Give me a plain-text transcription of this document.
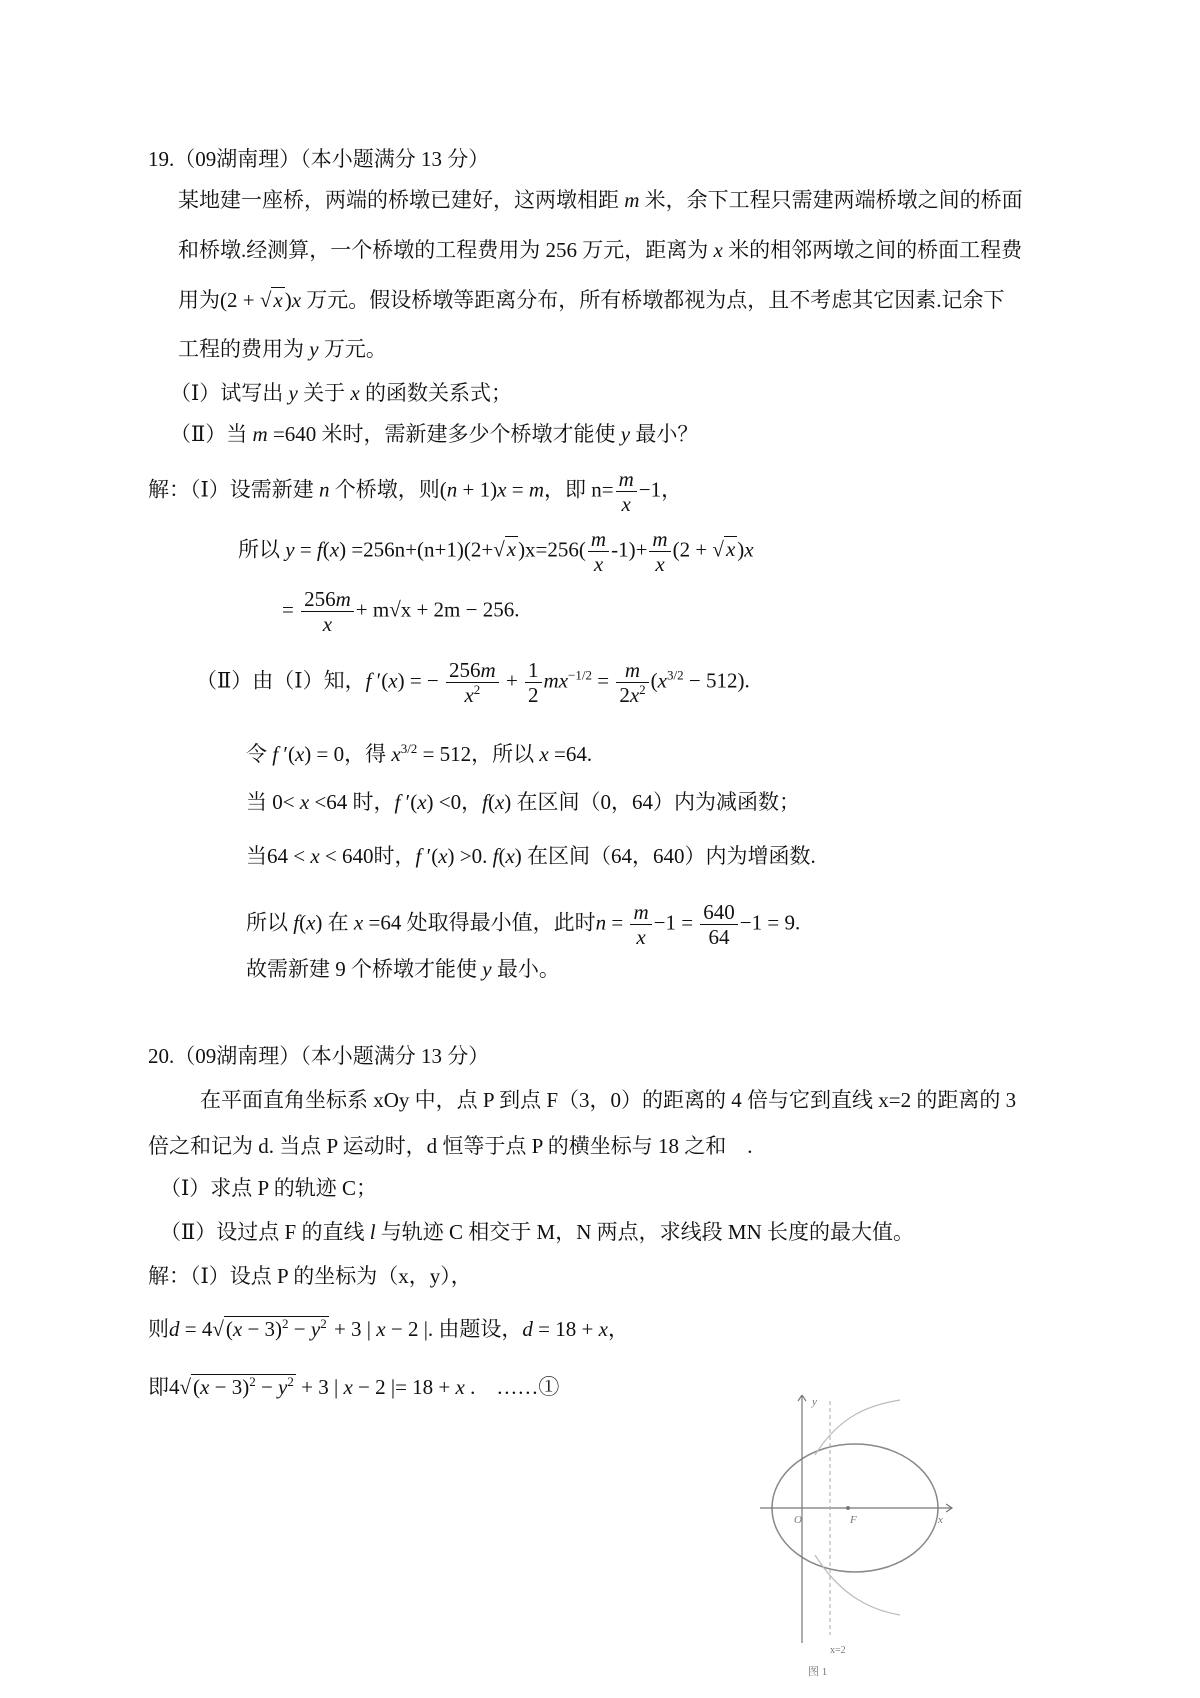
19.（09湖南理）（本小题满分 13 分）
某地建一座桥，两端的桥墩已建好，这两墩相距 m 米，余下工程只需建两端桥墩之间的桥面
和桥墩.经测算，一个桥墩的工程费用为 256 万元，距离为 x 米的相邻两墩之间的桥面工程费
用为(2 + √x)x 万元。假设桥墩等距离分布，所有桥墩都视为点，且不考虑其它因素.记余下
工程的费用为 y 万元。
（Ⅰ）试写出 y 关于 x 的函数关系式；
（Ⅱ）当 m =640 米时，需新建多少个桥墩才能使 y 最小？
解：（Ⅰ）设需新建 n 个桥墩，则(n + 1)x = m，即 $n= \frac{m}{x} -1$，
所以 $y = f(x) =256n+(n+1)(2+√x)x=256( \frac{m}{x} -1)+ \frac{m}{x} (2 + √x)x$
= $\frac{256m}{x} + m√x + 2m - 256$.
（Ⅱ）由（Ⅰ）知，f ′(x) = − $\frac{256m}{x^2} + \frac{1}{2} mx^{-1/2} = \frac{m}{2x^2} (x^{3/2} - 512)$.
令 f ′(x) = 0，得 $x^{3/2} = 512$，所以 x =64.
当 0< x <64 时，f ′(x) <0，f(x) 在区间（0，64）内为减函数；
当64 < x < 640时，f ′(x) >0. f(x) 在区间（64，640）内为增函数.
所以 f(x) 在 x =64 处取得最小值，此时$n = \frac{m}{x} -1 = \frac{640}{64} -1 = 9$.
故需新建 9 个桥墩才能使 y 最小。
20.（09湖南理）（本小题满分 13 分）
在平面直角坐标系 xOy 中，点 P 到点 F（3，0）的距离的 4 倍与它到直线 x=2 的距离的 3
倍之和记为 d. 当点 P 运动时，d 恒等于点 P 的横坐标与 18 之和　.
（Ⅰ）求点 P 的轨迹 C；
（Ⅱ）设过点 F 的直线 l 与轨迹 C 相交于 M，N 两点，求线段 MN 长度的最大值。
解：（Ⅰ）设点 P 的坐标为（x，y），
则$d = 4√(x - 3)^2 - y^2 + 3$ | x − 2 |. 由题设，d = 18 + x，
即$4√(x - 3)^2 - y^2 + 3$ | x − 2 |= 18 + x .　……①
y
x
O	F
x=2
图 1
